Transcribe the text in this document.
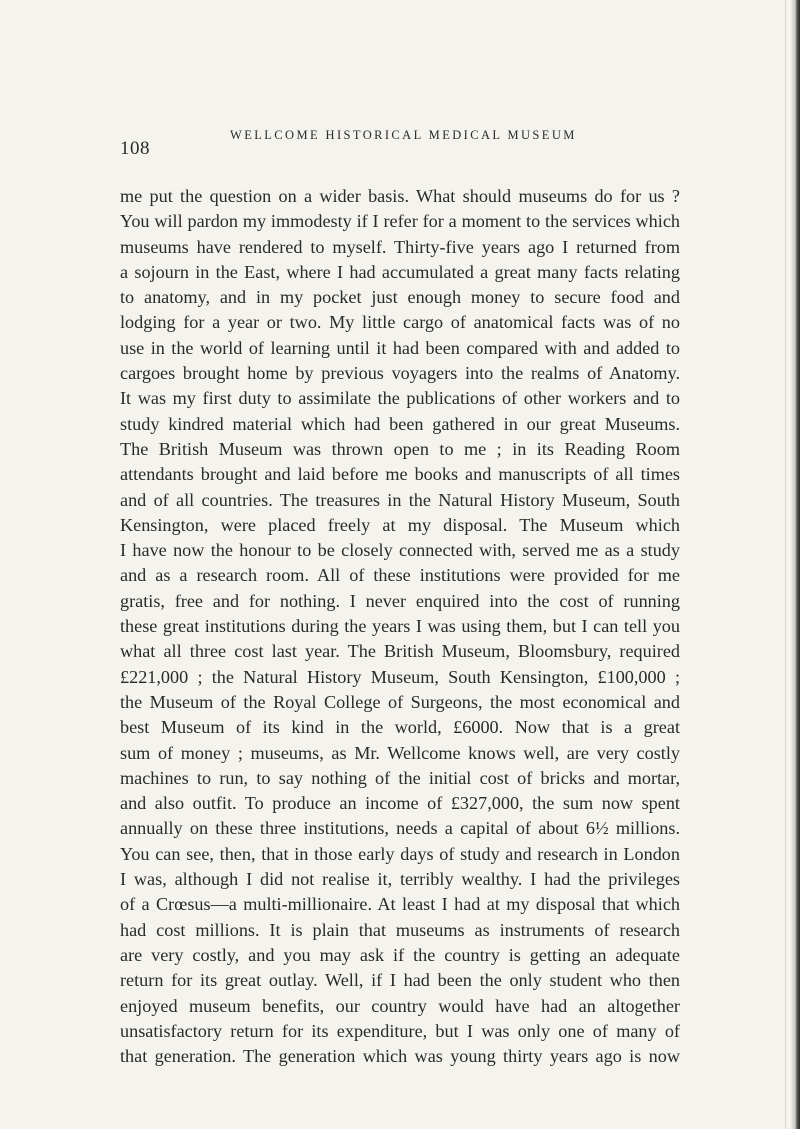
108
WELLCOME HISTORICAL MEDICAL MUSEUM
me put the question on a wider basis. What should museums do for us ?
You will pardon my immodesty if I refer for a moment to the services which
museums have rendered to myself. Thirty-five years ago I returned from
a sojourn in the East, where I had accumulated a great many facts relating
to anatomy, and in my pocket just enough money to secure food and
lodging for a year or two. My little cargo of anatomical facts was of no
use in the world of learning until it had been compared with and added to
cargoes brought home by previous voyagers into the realms of Anatomy.
It was my first duty to assimilate the publications of other workers and to
study kindred material which had been gathered in our great Museums.
The British Museum was thrown open to me ; in its Reading Room
attendants brought and laid before me books and manuscripts of all times
and of all countries. The treasures in the Natural History Museum, South
Kensington, were placed freely at my disposal. The Museum which
I have now the honour to be closely connected with, served me as a study
and as a research room. All of these institutions were provided for me
gratis, free and for nothing. I never enquired into the cost of running
these great institutions during the years I was using them, but I can tell you
what all three cost last year. The British Museum, Bloomsbury, required
£221,000 ; the Natural History Museum, South Kensington, £100,000 ;
the Museum of the Royal College of Surgeons, the most economical and
best Museum of its kind in the world, £6000. Now that is a great
sum of money ; museums, as Mr. Wellcome knows well, are very costly
machines to run, to say nothing of the initial cost of bricks and mortar,
and also outfit. To produce an income of £327,000, the sum now spent
annually on these three institutions, needs a capital of about 6½ millions.
You can see, then, that in those early days of study and research in London
I was, although I did not realise it, terribly wealthy. I had the privileges
of a Crœsus—a multi-millionaire. At least I had at my disposal that which
had cost millions. It is plain that museums as instruments of research
are very costly, and you may ask if the country is getting an adequate
return for its great outlay. Well, if I had been the only student who then
enjoyed museum benefits, our country would have had an altogether
unsatisfactory return for its expenditure, but I was only one of many of
that generation. The generation which was young thirty years ago is now
